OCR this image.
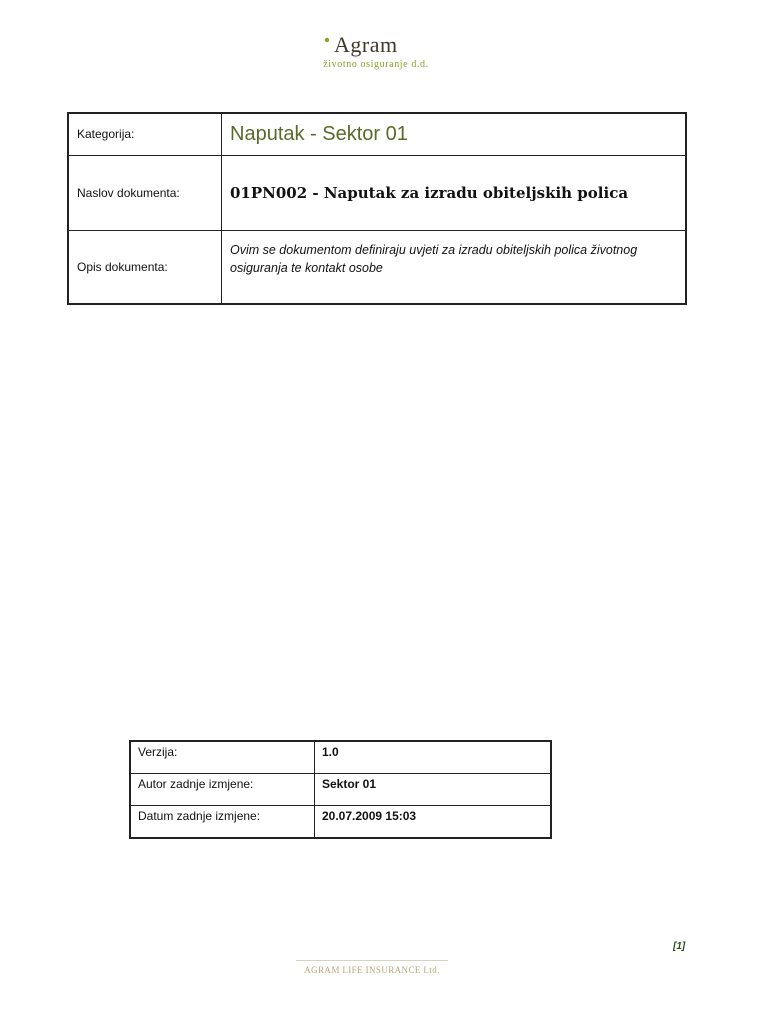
Agram
životno osiguranje d.d.
Kategorija:	Naputak - Sektor 01
Naslov dokumenta:	01PN002 - Naputak za izradu obiteljskih polica
Opis dokumenta:	Ovim se dokumentom definiraju uvjeti za izradu obiteljskih polica životnog osiguranja te kontakt osobe
Verzija:	1.0
Autor zadnje izmjene:	Sektor 01
Datum zadnje izmjene:	20.07.2009 15:03
[1]
AGRAM LIFE INSURANCE Ltd.
